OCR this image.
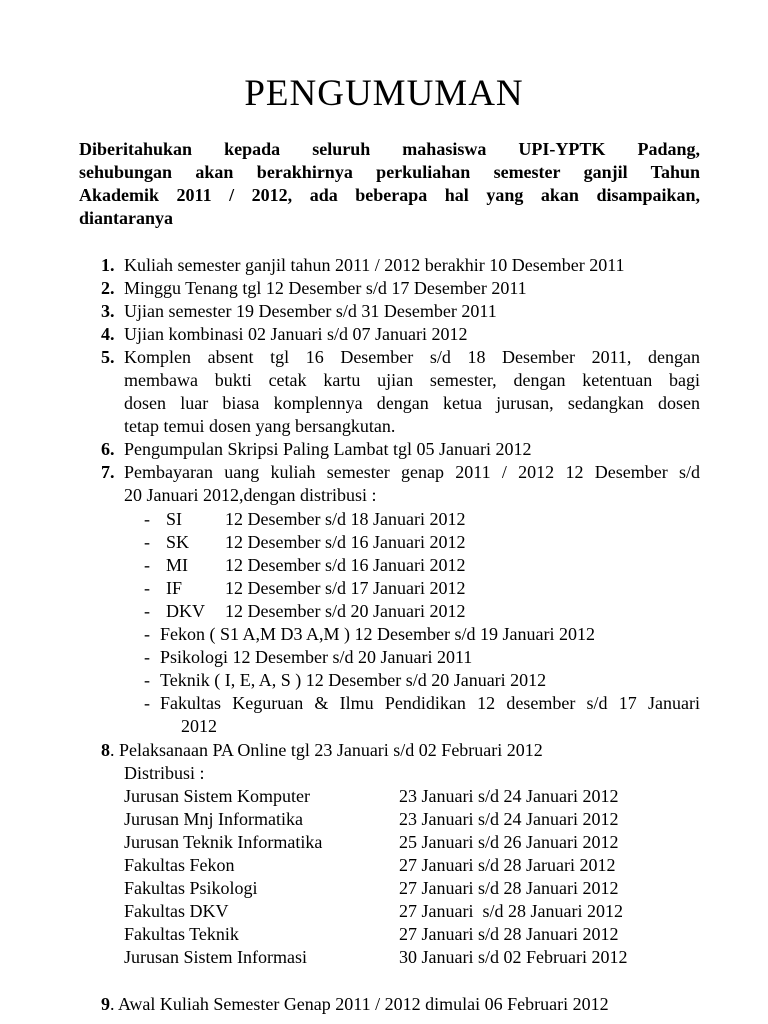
PENGUMUMAN
Diberitahukan kepada seluruh mahasiswa UPI-YPTK Padang,
sehubungan akan berakhirnya perkuliahan semester ganjil Tahun
Akademik 2011 / 2012, ada beberapa hal yang akan disampaikan,
diantaranya
1. Kuliah semester ganjil tahun 2011 / 2012 berakhir 10 Desember 2011
2. Minggu Tenang tgl 12 Desember s/d 17 Desember 2011
3. Ujian semester 19 Desember s/d 31 Desember 2011
4. Ujian kombinasi 02 Januari s/d 07 Januari 2012
5. Komplen absent tgl 16 Desember s/d 18 Desember 2011, dengan
membawa bukti cetak kartu ujian semester, dengan ketentuan bagi
dosen luar biasa komplennya dengan ketua jurusan, sedangkan dosen
tetap temui dosen yang bersangkutan.
6. Pengumpulan Skripsi Paling Lambat tgl 05 Januari 2012
7. Pembayaran uang kuliah semester genap 2011 / 2012 12 Desember s/d
20 Januari 2012,dengan distribusi :
- SI 12 Desember s/d 18 Januari 2012
- SK 12 Desember s/d 16 Januari 2012
- MI 12 Desember s/d 16 Januari 2012
- IF 12 Desember s/d 17 Januari 2012
- DKV 12 Desember s/d 20 Januari 2012
- Fekon ( S1 A,M D3 A,M ) 12 Desember s/d 19 Januari 2012
- Psikologi 12 Desember s/d 20 Januari 2011
- Teknik ( I, E, A, S ) 12 Desember s/d 20 Januari 2012
- Fakultas Keguruan & Ilmu Pendidikan 12 desember s/d 17 Januari
2012
8. Pelaksanaan PA Online tgl 23 Januari s/d 02 Februari 2012
Distribusi :
Jurusan Sistem Komputer	23 Januari s/d 24 Januari 2012
Jurusan Mnj Informatika	23 Januari s/d 24 Januari 2012
Jurusan Teknik Informatika	25 Januari s/d 26 Januari 2012
Fakultas Fekon	27 Januari s/d 28 Jaruari 2012
Fakultas Psikologi	27 Januari s/d 28 Januari 2012
Fakultas DKV	27 Januari  s/d 28 Januari 2012
Fakultas Teknik	27 Januari s/d 28 Januari 2012
Jurusan Sistem Informasi	30 Januari s/d 02 Februari 2012
9. Awal Kuliah Semester Genap 2011 / 2012 dimulai 06 Februari 2012
